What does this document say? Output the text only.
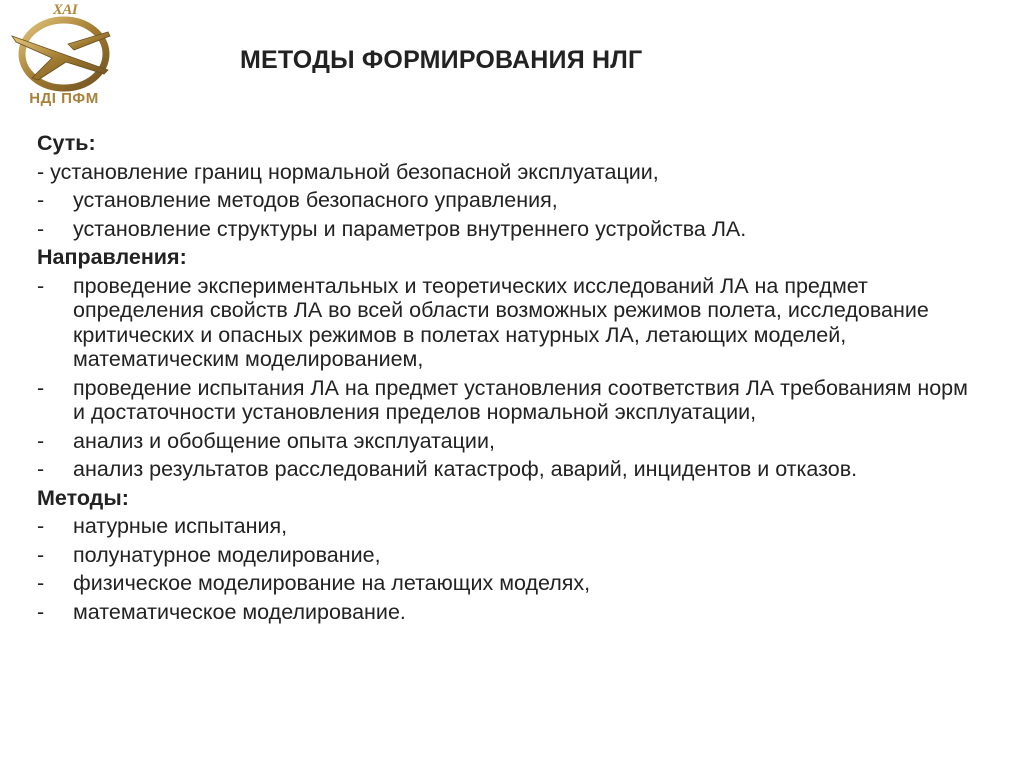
ХАІ
НДІ ПФМ
МЕТОДЫ ФОРМИРОВАНИЯ НЛГ
Суть:
- установление границ нормальной безопасной эксплуатации,
-	установление методов безопасного управления,
-	установление структуры и параметров внутреннего устройства ЛА.
Направления:
-	проведение экспериментальных и теоретических исследований ЛА на предмет определения свойств ЛА во всей области возможных режимов полета, исследование критических и опасных режимов в полетах натурных ЛА, летающих моделей, математическим моделированием,
-	проведение испытания ЛА на предмет установления соответствия ЛА требованиям норм и достаточности установления пределов нормальной эксплуатации,
-	анализ и обобщение опыта эксплуатации,
-	анализ результатов расследований катастроф, аварий, инцидентов и отказов.
Методы:
-	натурные испытания,
-	полунатурное моделирование,
-	физическое моделирование на летающих моделях,
-	математическое моделирование.
